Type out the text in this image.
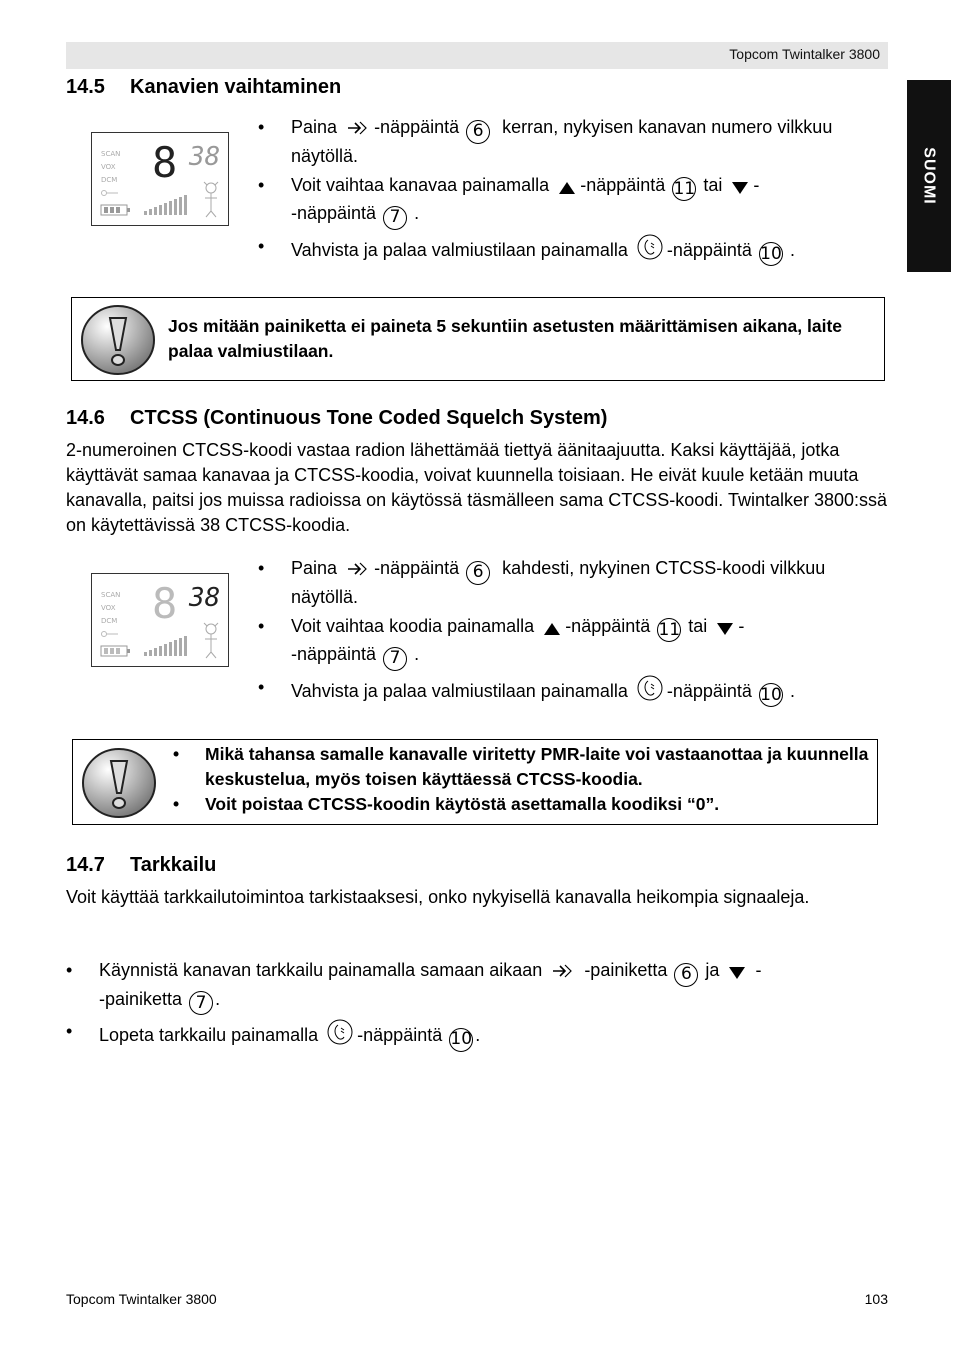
Topcom Twintalker 3800
SUOMI
14.5 Kanavien vaihtaminen
SCAN
VOX
DCM 8 38
• Paina -näppäintä 6 kerran, nykyisen kanavan numero vilkkuu näytöllä.
• Voit vaihtaa kanavaa painamalla -näppäintä 11 tai -
-näppäintä 7 .
• Vahvista ja palaa valmiustilaan painamalla -näppäintä 10 .
Jos mitään painiketta ei paineta 5 sekuntiin asetusten määrittämisen aikana, laite palaa valmiustilaan.
14.6 CTCSS (Continuous Tone Coded Squelch System)

2-numeroinen CTCSS-koodi vastaa radion lähettämää tiettyä äänitaajuutta. Kaksi käyttäjää, jotka käyttävät samaa kanavaa ja CTCSS-koodia, voivat kuunnella toisiaan. He eivät kuule ketään muuta kanavalla, paitsi jos muissa radioissa on käytössä täsmälleen sama CTCSS-koodi. Twintalker 3800:ssä on käytettävissä 38 CTCSS-koodia.

SCAN
VOX
DCM 8 38
• Paina -näppäintä 6 kahdesti, nykyinen CTCSS-koodi vilkkuu näytöllä.
• Voit vaihtaa koodia painamalla -näppäintä 11 tai -
-näppäintä 7 .
• Vahvista ja palaa valmiustilaan painamalla -näppäintä 10 .
• Mikä tahansa samalle kanavalle viritetty PMR-laite voi vastaanottaa ja kuunnella keskustelua, myös toisen käyttäessä CTCSS-koodia.
• Voit poistaa CTCSS-koodin käytöstä asettamalla koodiksi “0”.
14.7 Tarkkailu

Voit käyttää tarkkailutoimintoa tarkistaaksesi, onko nykyisellä kanavalla heikompia signaaleja.

• Käynnistä kanavan tarkkailu painamalla samaan aikaan -painiketta 6 ja  -
-painiketta 7 .
• Lopeta tarkkailu painamalla -näppäintä 10 .
Topcom Twintalker 3800	103
